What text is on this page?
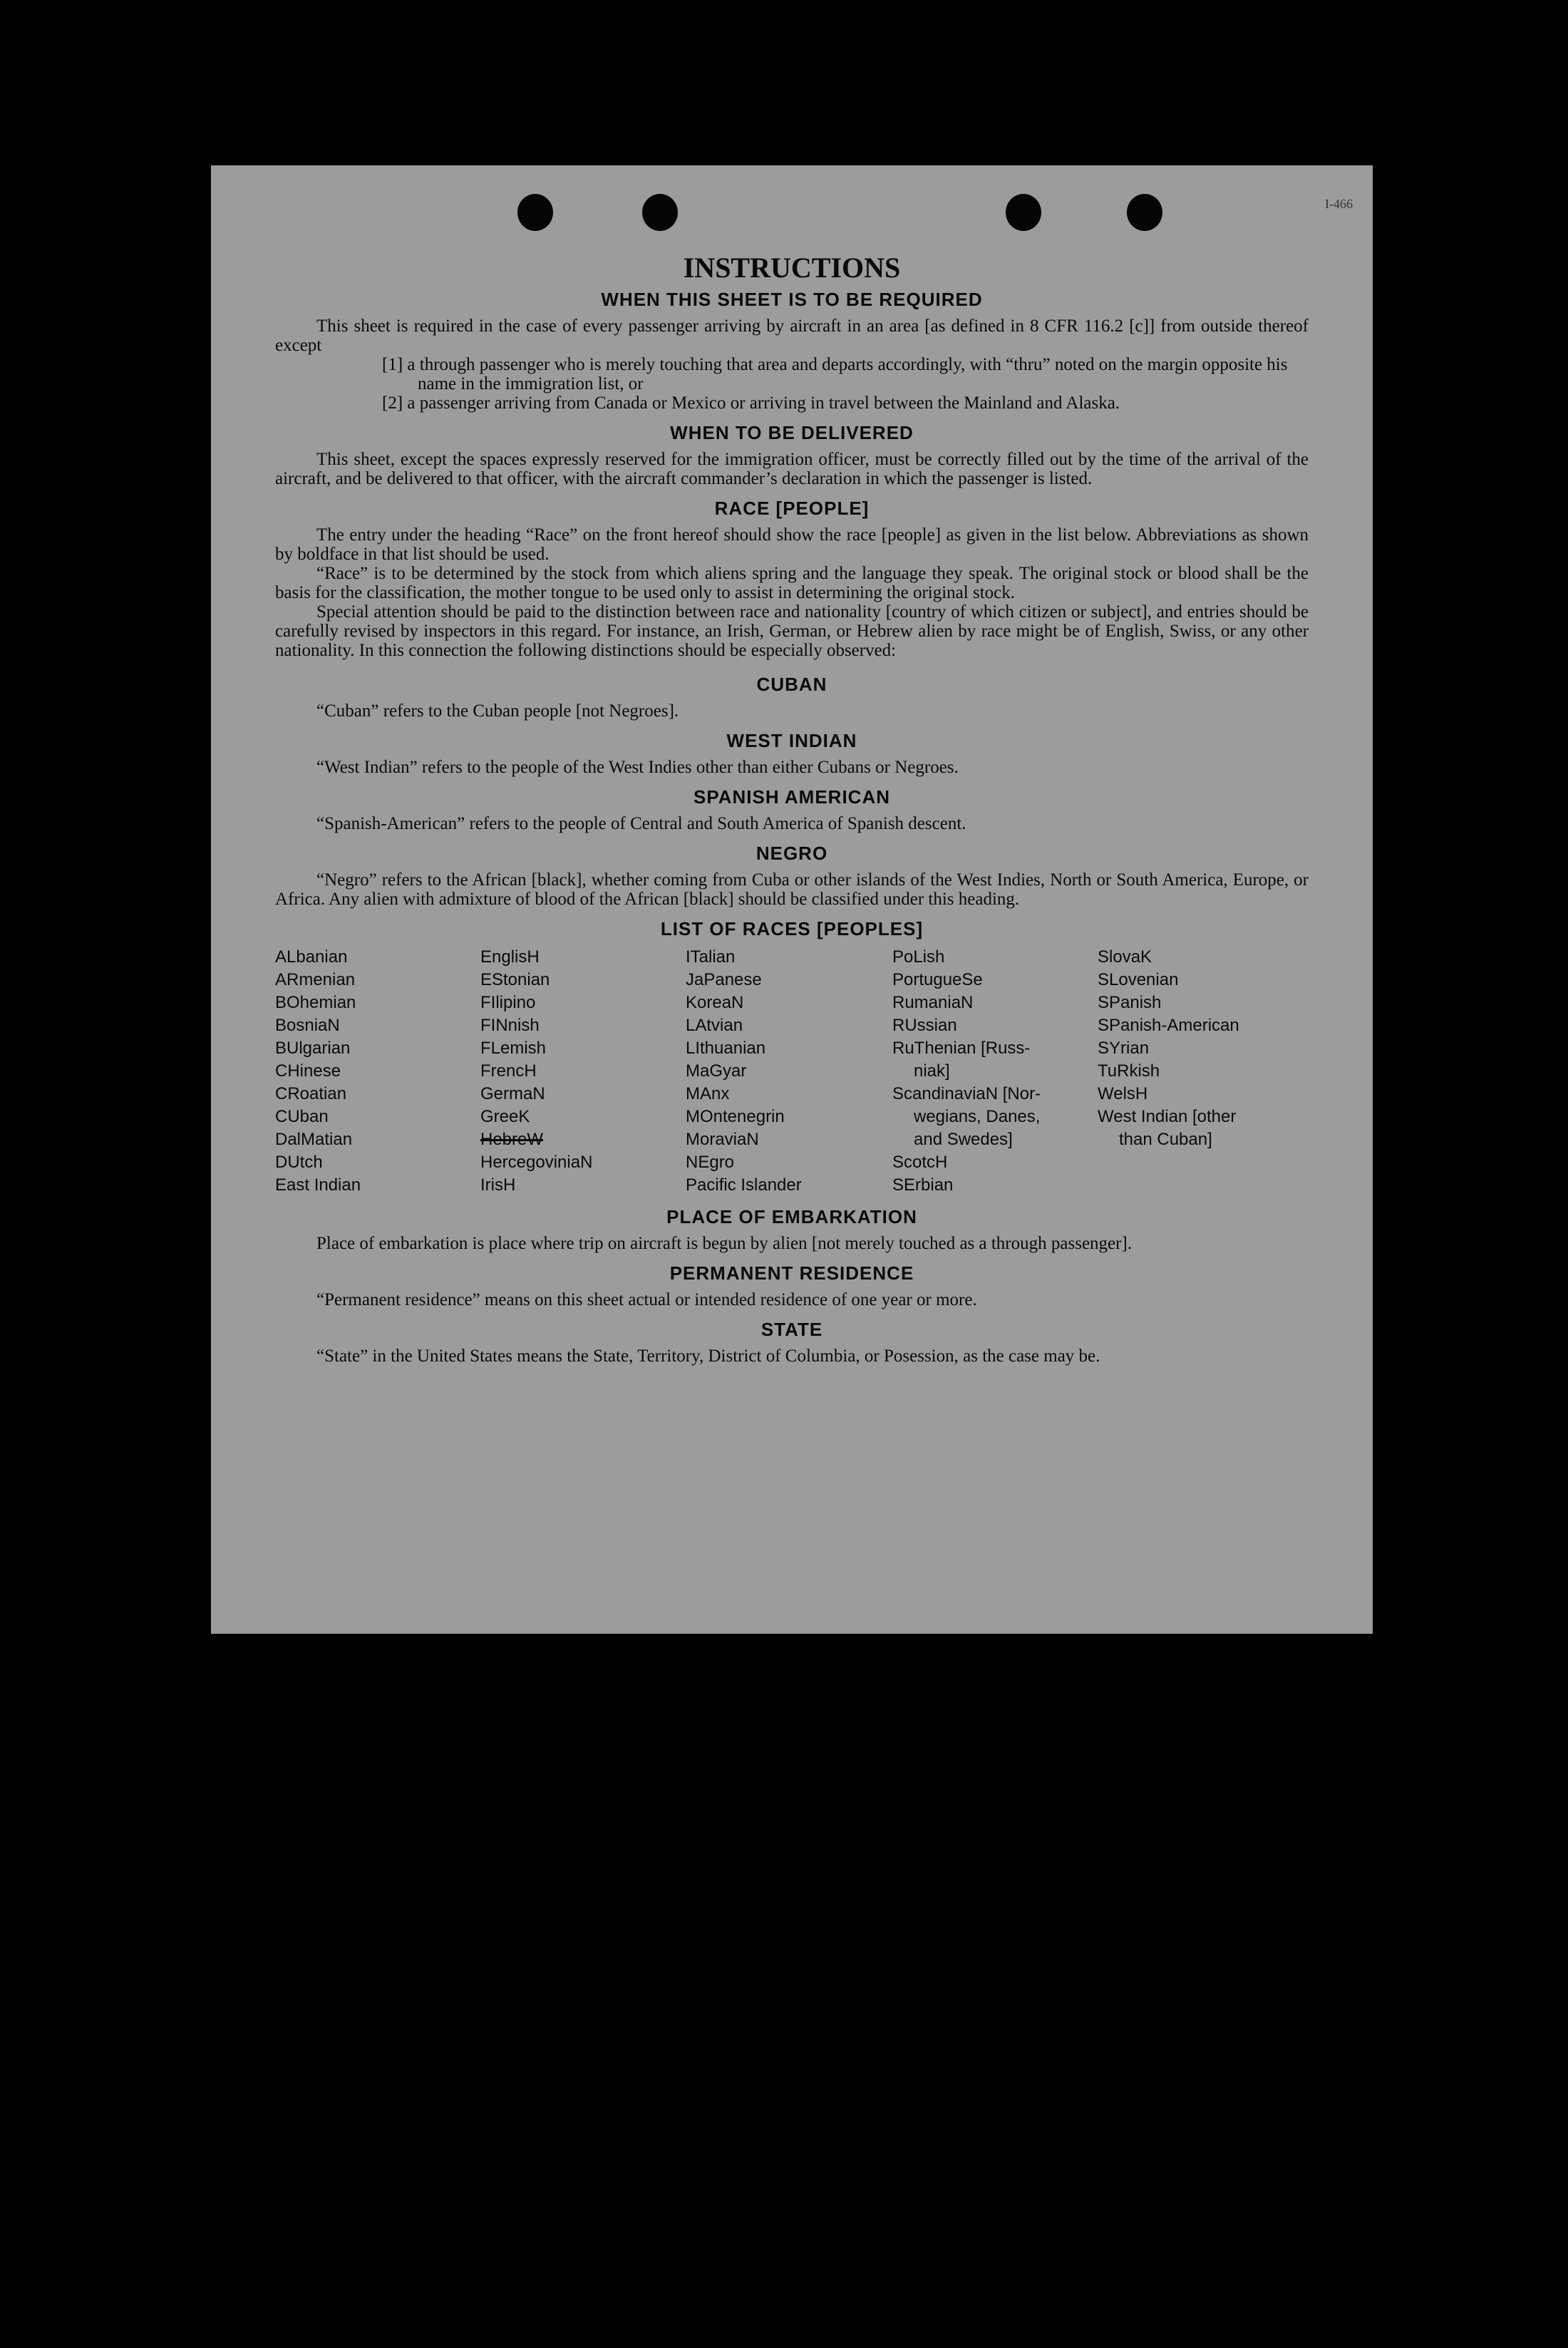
I-466
INSTRUCTIONS
WHEN THIS SHEET IS TO BE REQUIRED

This sheet is required in the case of every passenger arriving by aircraft in an area [as defined in 8 CFR 116.2 [c]] from outside thereof except

[1] a through passenger who is merely touching that area and departs accordingly, with “thru” noted on the margin opposite his name in the immigration list, or

[2] a passenger arriving from Canada or Mexico or arriving in travel between the Mainland and Alaska.

WHEN TO BE DELIVERED

This sheet, except the spaces expressly reserved for the immigration officer, must be correctly filled out by the time of the arrival of the aircraft, and be delivered to that officer, with the aircraft commander’s declaration in which the passenger is listed.

RACE [PEOPLE]

The entry under the heading “Race” on the front hereof should show the race [people] as given in the list below. Abbreviations as shown by boldface in that list should be used.

“Race” is to be determined by the stock from which aliens spring and the language they speak. The original stock or blood shall be the basis for the classification, the mother tongue to be used only to assist in determining the original stock.

Special attention should be paid to the distinction between race and nationality [country of which citizen or subject], and entries should be carefully revised by inspectors in this regard. For instance, an Irish, German, or Hebrew alien by race might be of English, Swiss, or any other nationality. In this connection the following distinctions should be especially observed:

CUBAN

“Cuban” refers to the Cuban people [not Negroes].

WEST INDIAN

“West Indian” refers to the people of the West Indies other than either Cubans or Negroes.

SPANISH AMERICAN

“Spanish-American” refers to the people of Central and South America of Spanish descent.

NEGRO

“Negro” refers to the African [black], whether coming from Cuba or other islands of the West Indies, North or South America, Europe, or Africa. Any alien with admixture of blood of the African [black] should be classified under this heading.

LIST OF RACES [PEOPLES]
ALbanian
ARmenian
BOhemian
BosniaN
BUlgarian
CHinese
CRoatian
CUban
DalMatian
DUtch
East Indian
EnglisH
EStonian
FIlipino
FINnish
FLemish
FrencH
GermaN
GreeK
HebreW
HercegoviniaN
IrisH
ITalian
JaPanese
KoreaN
LAtvian
LIthuanian
MaGyar
MAnx
MOntenegrin
MoraviaN
NEgro
Pacific Islander
PoLish
PortugueSe
RumaniaN
RUssian
RuThenian [Russ-
niak]
ScandinaviaN [Nor-
wegians, Danes,
and Swedes]
ScotcH
SErbian
SlovaK
SLovenian
SPanish
SPanish-American
SYrian
TuRkish
WelsH
West Indian [other
than Cuban]
PLACE OF EMBARKATION

Place of embarkation is place where trip on aircraft is begun by alien [not merely touched as a through passenger].

PERMANENT RESIDENCE

“Permanent residence” means on this sheet actual or intended residence of one year or more.

STATE

“State” in the United States means the State, Territory, District of Columbia, or Posession, as the case may be.
